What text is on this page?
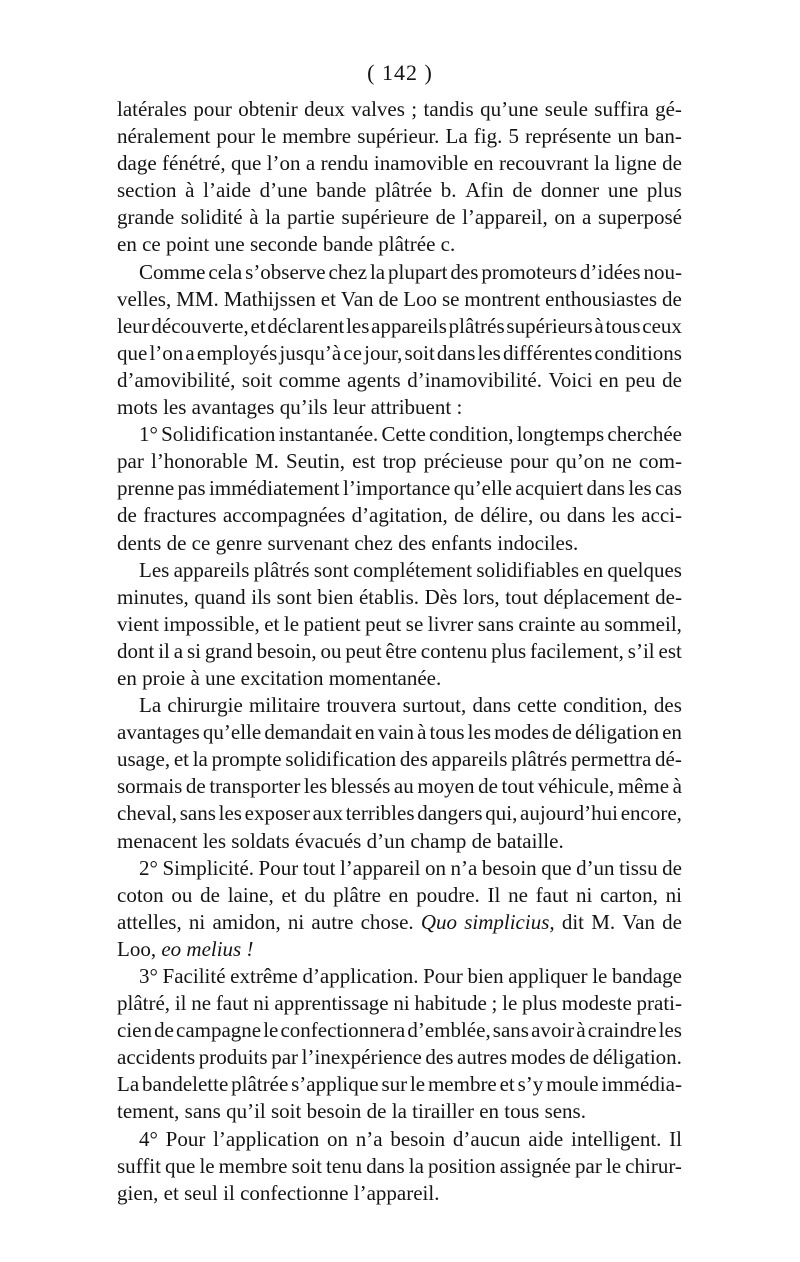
( 142 )
latérales pour obtenir deux valves ; tandis qu’une seule suffira gé-
néralement pour le membre supérieur. La fig. 5 représente un ban-
dage fénétré, que l’on a rendu inamovible en recouvrant la ligne de
section à l’aide d’une bande plâtrée b. Afin de donner une plus
grande solidité à la partie supérieure de l’appareil, on a superposé
en ce point une seconde bande plâtrée c.
Comme cela s’observe chez la plupart des promoteurs d’idées nou-
velles, MM. Mathijssen et Van de Loo se montrent enthousiastes de
leur découverte, et déclarent les appareils plâtrés supérieurs à tous ceux
que l’on a employés jusqu’à ce jour, soit dans les différentes conditions
d’amovibilité, soit comme agents d’inamovibilité. Voici en peu de
mots les avantages qu’ils leur attribuent :
1° Solidification instantanée. Cette condition, longtemps cherchée
par l’honorable M. Seutin, est trop précieuse pour qu’on ne com-
prenne pas immédiatement l’importance qu’elle acquiert dans les cas
de fractures accompagnées d’agitation, de délire, ou dans les acci-
dents de ce genre survenant chez des enfants indociles.
Les appareils plâtrés sont complétement solidifiables en quelques
minutes, quand ils sont bien établis. Dès lors, tout déplacement de-
vient impossible, et le patient peut se livrer sans crainte au sommeil,
dont il a si grand besoin, ou peut être contenu plus facilement, s’il est
en proie à une excitation momentanée.
La chirurgie militaire trouvera surtout, dans cette condition, des
avantages qu’elle demandait en vain à tous les modes de déligation en
usage, et la prompte solidification des appareils plâtrés permettra dé-
sormais de transporter les blessés au moyen de tout véhicule, même à
cheval, sans les exposer aux terribles dangers qui, aujourd’hui encore,
menacent les soldats évacués d’un champ de bataille.
2° Simplicité. Pour tout l’appareil on n’a besoin que d’un tissu de
coton ou de laine, et du plâtre en poudre. Il ne faut ni carton, ni
attelles, ni amidon, ni autre chose. Quo simplicius, dit M. Van de
Loo, eo melius !
3° Facilité extrême d’application. Pour bien appliquer le bandage
plâtré, il ne faut ni apprentissage ni habitude ; le plus modeste prati-
cien de campagne le confectionnera d’emblée, sans avoir à craindre les
accidents produits par l’inexpérience des autres modes de déligation.
La bandelette plâtrée s’applique sur le membre et s’y moule immédia-
tement, sans qu’il soit besoin de la tirailler en tous sens.
4° Pour l’application on n’a besoin d’aucun aide intelligent. Il
suffit que le membre soit tenu dans la position assignée par le chirur-
gien, et seul il confectionne l’appareil.
